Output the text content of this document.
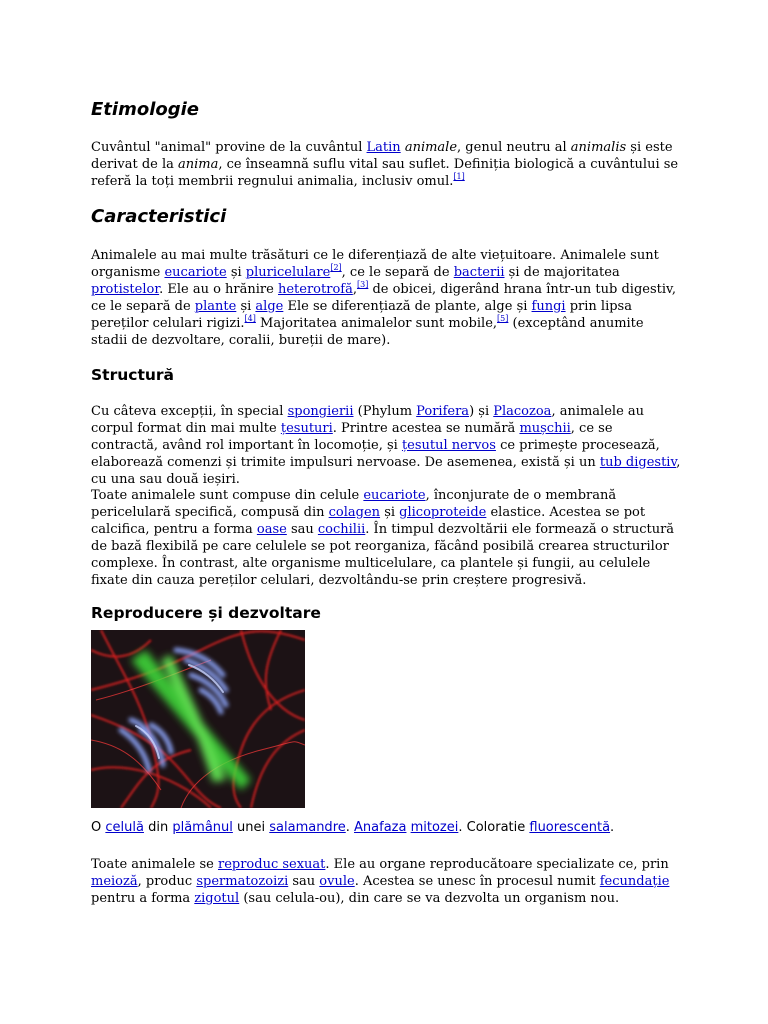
Etimologie

Cuvântul "animal" provine de la cuvântul Latin animale, genul neutru al animalis și este derivat de la anima, ce înseamnă suflu vital sau suflet. Definiția biologică a cuvântului se referă la toți membrii regnului animalia, inclusiv omul.[1]

Caracteristici

Animalele au mai multe trăsături ce le diferențiază de alte viețuitoare. Animalele sunt organisme eucariote și pluricelulare[2], ce le separă de bacterii și de majoritatea protistelor. Ele au o hrănire heterotrofă,[3] de obicei, digerând hrana într-un tub digestiv, ce le separă de plante și alge Ele se diferențiază de plante, alge și fungi prin lipsa pereților celulari rigizi.[4] Majoritatea animalelor sunt mobile,[5] (exceptând anumite stadii de dezvoltare, coralii, bureții de mare).

Structură

Cu câteva excepții, în special spongierii (Phylum Porifera) și Placozoa, animalele au corpul format din mai multe țesuturi. Printre acestea se numără mușchii, ce se contractă, având rol important în locomoție, și țesutul nervos ce primește procesează, elaborează comenzi și trimite impulsuri nervoase. De asemenea, există și un tub digestiv, cu una sau două ieșiri.

Toate animalele sunt compuse din celule eucariote, înconjurate de o membrană pericelulară specifică, compusă din colagen și glicoproteide elastice. Acestea se pot calcifica, pentru a forma oase sau cochilii. În timpul dezvoltării ele formează o structură de bază flexibilă pe care celulele se pot reorganiza, făcând posibilă crearea structurilor complexe. În contrast, alte organisme multicelulare, ca plantele și fungii, au celulele fixate din cauza pereților celulari, dezvoltându-se prin creștere progresivă.

Reproducere și dezvoltare

O celulă din plămânul unei salamandre. Anafaza mitozei. Coloratie fluorescentă.

Toate animalele se reproduc sexuat. Ele au organe reproducătoare specializate ce, prin meioză, produc spermatozoizi sau ovule. Acestea se unesc în procesul numit fecundație pentru a forma zigotul (sau celula-ou), din care se va dezvolta un organism nou.
